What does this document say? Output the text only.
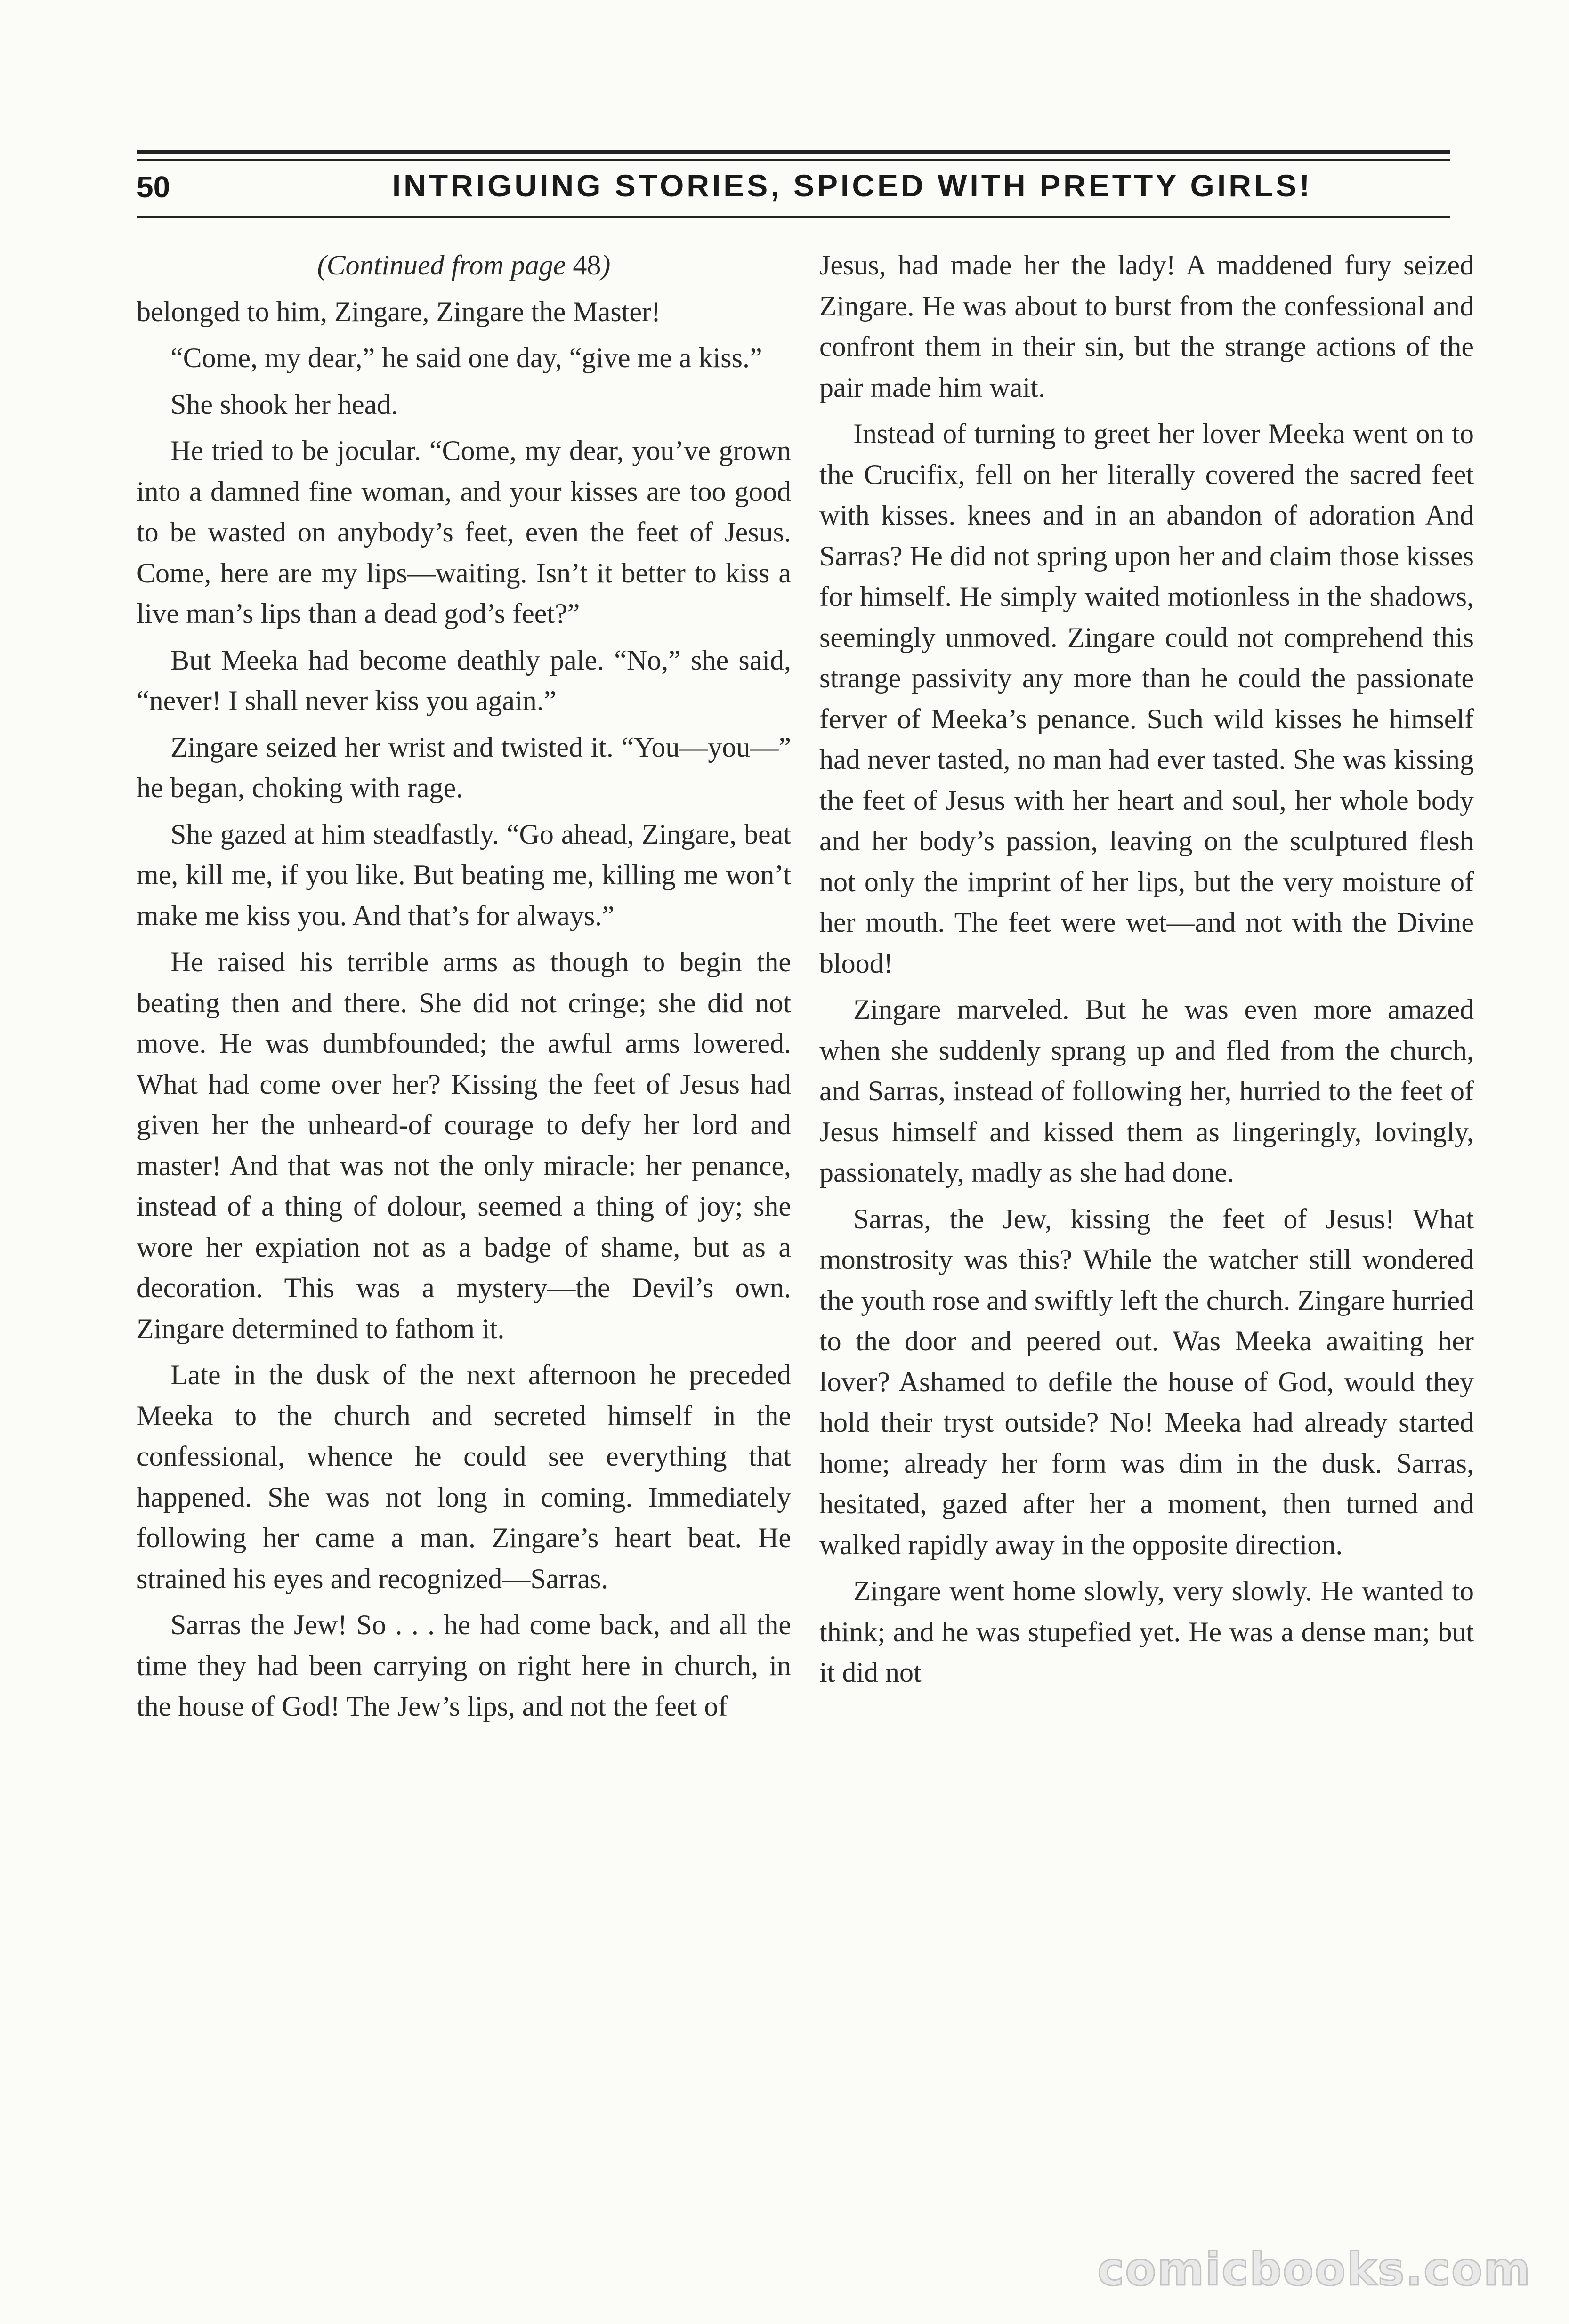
50	INTRIGUING STORIES, SPICED WITH PRETTY GIRLS!

(Continued from page 48)

belonged to him, Zingare, Zingare the Master!

“Come, my dear,” he said one day, “give me a kiss.”

She shook her head.

He tried to be jocular. “Come, my dear, you’ve grown into a damned fine woman, and your kisses are too good to be wasted on anybody’s feet, even the feet of Jesus. Come, here are my lips—waiting. Isn’t it better to kiss a live man’s lips than a dead god’s feet?”

But Meeka had become deathly pale. “No,” she said, “never! I shall never kiss you again.”

Zingare seized her wrist and twisted it. “You—you—” he began, choking with rage.

She gazed at him steadfastly. “Go ahead, Zingare, beat me, kill me, if you like. But beating me, killing me won’t make me kiss you. And that’s for always.”

He raised his terrible arms as though to begin the beating then and there. She did not cringe; she did not move. He was dumbfounded; the awful arms lowered. What had come over her? Kissing the feet of Jesus had given her the unheard-of courage to defy her lord and master! And that was not the only miracle: her penance, instead of a thing of dolour, seemed a thing of joy; she wore her expiation not as a badge of shame, but as a decoration. This was a mystery—the Devil’s own. Zingare determined to fathom it.

Late in the dusk of the next afternoon he preceded Meeka to the church and secreted himself in the confessional, whence he could see everything that happened. She was not long in coming. Immediately following her came a man. Zingare’s heart beat. He strained his eyes and recognized—Sarras.

Sarras the Jew! So . . . he had come back, and all the time they had been carrying on right here in church, in the house of God! The Jew’s lips, and not the feet of

Jesus, had made her the lady! A maddened fury seized Zingare. He was about to burst from the confessional and confront them in their sin, but the strange actions of the pair made him wait.

Instead of turning to greet her lover Meeka went on to the Crucifix, fell on her literally covered the sacred feet with kisses. knees and in an abandon of adoration And Sarras? He did not spring upon her and claim those kisses for himself. He simply waited motionless in the shadows, seemingly unmoved. Zingare could not comprehend this strange passivity any more than he could the passionate ferver of Meeka’s penance. Such wild kisses he himself had never tasted, no man had ever tasted. She was kissing the feet of Jesus with her heart and soul, her whole body and her body’s passion, leaving on the sculptured flesh not only the imprint of her lips, but the very moisture of her mouth. The feet were wet—and not with the Divine blood!

Zingare marveled. But he was even more amazed when she suddenly sprang up and fled from the church, and Sarras, instead of following her, hurried to the feet of Jesus himself and kissed them as lingeringly, lovingly, passionately, madly as she had done.

Sarras, the Jew, kissing the feet of Jesus! What monstrosity was this? While the watcher still wondered the youth rose and swiftly left the church. Zingare hurried to the door and peered out. Was Meeka awaiting her lover? Ashamed to defile the house of God, would they hold their tryst outside? No! Meeka had already started home; already her form was dim in the dusk. Sarras, hesitated, gazed after her a moment, then turned and walked rapidly away in the opposite direction.

Zingare went home slowly, very slowly. He wanted to think; and he was stupefied yet. He was a dense man; but it did not

comicbooks.com
